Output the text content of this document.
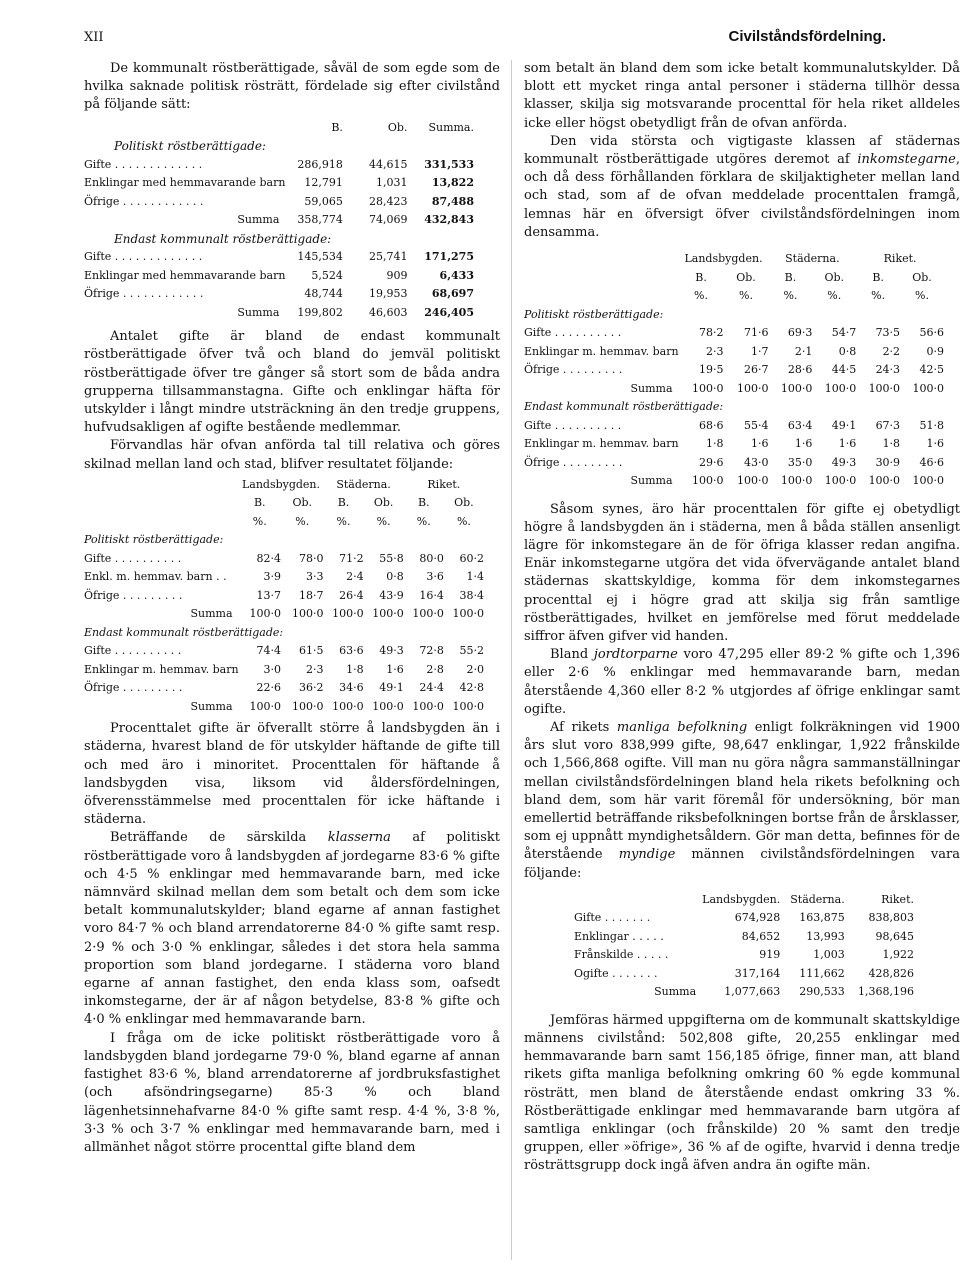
XII	Civilståndsfördelning.

De kommunalt röstberättigade, såväl de som egde som de hvilka saknade politisk rösträtt, fördelade sig efter civilstånd på följande sätt:

	B.	Ob.	Summa.
Politiskt röstberättigade:			
Gifte . . . . . . . . . . . . .	286,918	44,615	331,533
Enklingar med hemmavarande barn	12,791	1,031	13,822
Öfrige . . . . . . . . . . . .	59,065	28,423	87,488
Summa	358,774	74,069	432,843
Endast kommunalt röstberättigade:			
Gifte . . . . . . . . . . . . .	145,534	25,741	171,275
Enklingar med hemmavarande barn	5,524	909	6,433
Öfrige . . . . . . . . . . . .	48,744	19,953	68,697
Summa	199,802	46,603	246,405

Antalet gifte är bland de endast kommunalt röstberättigade öfver två och bland do jemväl politiskt röstberättigade öfver tre gånger så stort som de båda andra grupperna tillsammanstagna. Gifte och enklingar häfta för utskylder i långt mindre utsträckning än den tredje gruppens, hufvudsakligen af ogifte bestående medlemmar.

Förvandlas här ofvan anförda tal till relativa och göres skilnad mellan land och stad, blifver resultatet följande:

	Landsbygden.		Städerna.		Riket.	
	B.	Ob.	B.	Ob.	B.	Ob.
	%.	%.	%.	%.	%.	%.
Politiskt röstberättigade:						
Gifte . . . . . . . . . .	82·4	78·0	71·2	55·8	80·0	60·2
Enkl. m. hemmav. barn . .	3·9	3·3	2·4	0·8	3·6	1·4
Öfrige . . . . . . . . .	13·7	18·7	26·4	43·9	16·4	38·4
Summa	100·0	100·0	100·0	100·0	100·0	100·0
Endast kommunalt röstberättigade:						
Gifte . . . . . . . . . .	74·4	61·5	63·6	49·3	72·8	55·2
Enklingar m. hemmav. barn	3·0	2·3	1·8	1·6	2·8	2·0
Öfrige . . . . . . . . .	22·6	36·2	34·6	49·1	24·4	42·8
Summa	100·0	100·0	100·0	100·0	100·0	100·0

Procenttalet gifte är öfverallt större å landsbygden än i städerna, hvarest bland de för utskylder häftande de gifte till och med äro i minoritet. Procenttalen för häftande å landsbygden visa, liksom vid åldersfördelningen, öfverensstämmelse med procenttalen för icke häftande i städerna.

Beträffande de särskilda klasserna af politiskt röstberättigade voro å landsbygden af jordegarne 83·6 % gifte och 4·5 % enklingar med hemmavarande barn, med icke nämnvärd skilnad mellan dem som betalt och dem som icke betalt kommunalutskylder; bland egarne af annan fastighet voro 84·7 % och bland arrendatorerne 84·0 % gifte samt resp. 2·9 % och 3·0 % enklingar, således i det stora hela samma proportion som bland jordegarne. I städerna voro bland egarne af annan fastighet, den enda klass som, oafsedt inkomstegarne, der är af någon betydelse, 83·8 % gifte och 4·0 % enklingar med hemmavarande barn.

I fråga om de icke politiskt röstberättigade voro å landsbygden bland jordegarne 79·0 %, bland egarne af annan fastighet 83·6 %, bland arrendatorerne af jordbruksfastighet (och afsöndringsegarne) 85·3 % och bland lägenhetsinnehafvarne 84·0 % gifte samt resp. 4·4 %, 3·8 %, 3·3 % och 3·7 % enklingar med hemmavarande barn, med i allmänhet något större procenttal gifte bland dem

som betalt än bland dem som icke betalt kommunalutskylder. Då blott ett mycket ringa antal personer i städerna tillhör dessa klasser, skilja sig motsvarande procenttal för hela riket alldeles icke eller högst obetydligt från de ofvan anförda.

Den vida största och vigtigaste klassen af städernas kommunalt röstberättigade utgöres deremot af inkomstegarne, och då dess förhållanden förklara de skiljaktigheter mellan land och stad, som af de ofvan meddelade procenttalen framgå, lemnas här en öfversigt öfver civilståndsfördelningen inom densamma.

	Landsbygden.		Städerna.		Riket.	
	B.	Ob.	B.	Ob.	B.	Ob.
	%.	%.	%.	%.	%.	%.
Politiskt röstberättigade:						
Gifte . . . . . . . . . .	78·2	71·6	69·3	54·7	73·5	56·6
Enklingar m. hemmav. barn	2·3	1·7	2·1	0·8	2·2	0·9
Öfrige . . . . . . . . .	19·5	26·7	28·6	44·5	24·3	42·5
Summa	100·0	100·0	100·0	100·0	100·0	100·0
Endast kommunalt röstberättigade:						
Gifte . . . . . . . . . .	68·6	55·4	63·4	49·1	67·3	51·8
Enklingar m. hemmav. barn	1·8	1·6	1·6	1·6	1·8	1·6
Öfrige . . . . . . . . .	29·6	43·0	35·0	49·3	30·9	46·6
Summa	100·0	100·0	100·0	100·0	100·0	100·0

Såsom synes, äro här procenttalen för gifte ej obetydligt högre å landsbygden än i städerna, men å båda ställen ansenligt lägre för inkomstegare än de för öfriga klasser redan angifna. Enär inkomstegarne utgöra det vida öfvervägande antalet bland städernas skattskyldige, komma för dem inkomstegarnes procenttal ej i högre grad att skilja sig från samtlige röstberättigades, hvilket en jemförelse med förut meddelade siffror äfven gifver vid handen.

Bland jordtorparne voro 47,295 eller 89·2 % gifte och 1,396 eller 2·6 % enklingar med hemmavarande barn, medan återstående 4,360 eller 8·2 % utgjordes af öfrige enklingar samt ogifte.

Af rikets manliga befolkning enligt folkräkningen vid 1900 års slut voro 838,999 gifte, 98,647 enklingar, 1,922 frånskilde och 1,566,868 ogifte. Vill man nu göra några sammanställningar mellan civilståndsfördelningen bland hela rikets befolkning och bland dem, som här varit föremål för undersökning, bör man emellertid beträffande riksbefolkningen bortse från de årsklasser, som ej uppnått myndighetsåldern. Gör man detta, befinnes för de återstående myndige männen civilståndsfördelningen vara följande:

	Landsbygden.	Städerna.	Riket.
Gifte . . . . . . .	674,928	163,875	838,803
Enklingar . . . . .	84,652	13,993	98,645
Frånskilde . . . . .	919	1,003	1,922
Ogifte . . . . . . .	317,164	111,662	428,826
Summa	1,077,663	290,533	1,368,196

Jemföras härmed uppgifterna om de kommunalt skattskyldige männens civilstånd: 502,808 gifte, 20,255 enklingar med hemmavarande barn samt 156,185 öfrige, finner man, att bland rikets gifta manliga befolkning omkring 60 % egde kommunal rösträtt, men bland de återstående endast omkring 33 %. Röstberättigade enklingar med hemmavarande barn utgöra af samtliga enklingar (och frånskilde) 20 % samt den tredje gruppen, eller »öfrige», 36 % af de ogifte, hvarvid i denna tredje rösträttsgrupp dock ingå äfven andra än ogifte män.
